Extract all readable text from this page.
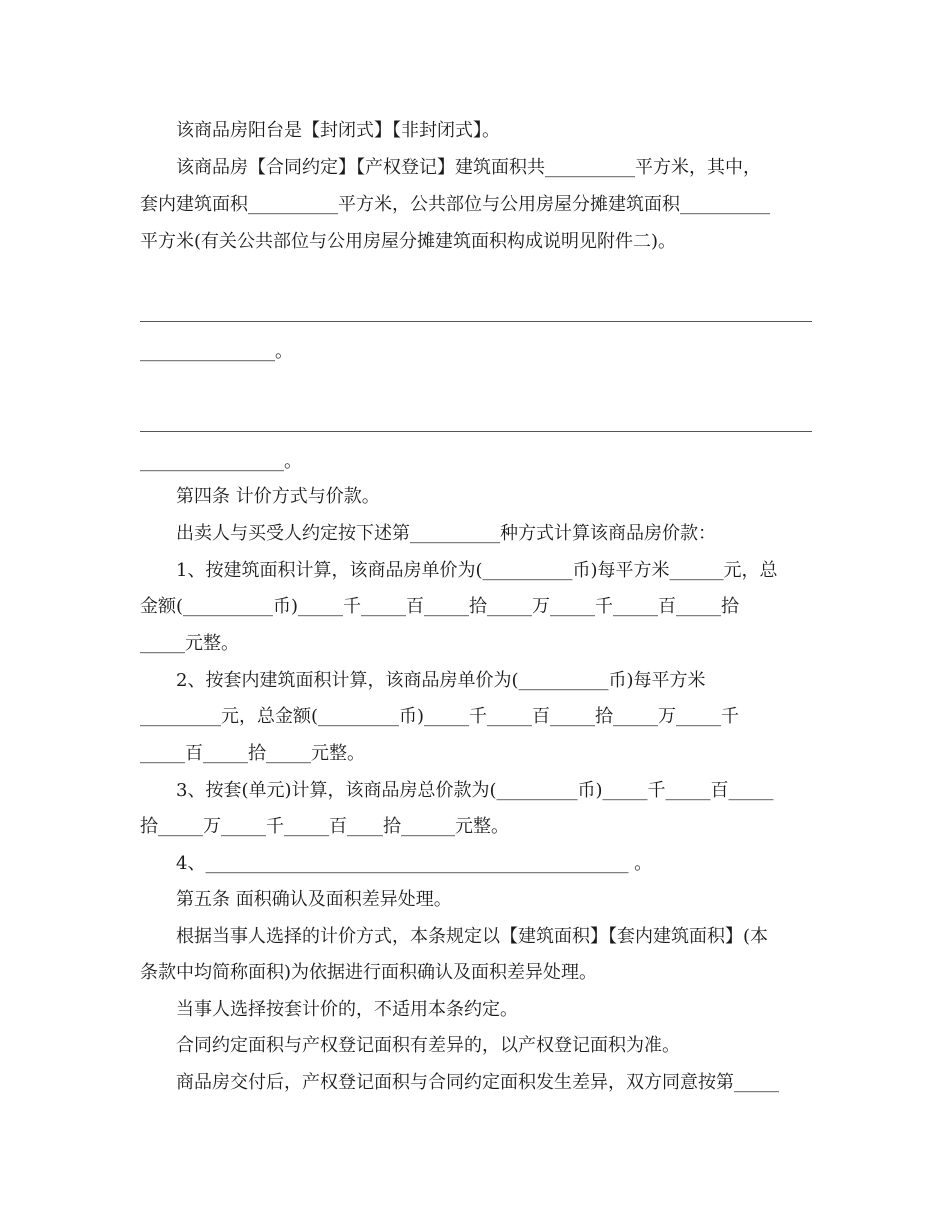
该商品房阳台是【封闭式】【非封闭式】。
该商品房【合同约定】【产权登记】建筑面积共__________平方米，其中，
套内建筑面积__________平方米，公共部位与公用房屋分摊建筑面积__________
平方米(有关公共部位与公用房屋分摊建筑面积构成说明见附件二)。
_______________。
________________。
第四条 计价方式与价款。
出卖人与买受人约定按下述第__________种方式计算该商品房价款：
1、按建筑面积计算，该商品房单价为(__________币)每平方米______元，总
金额(__________币)_____千_____百_____拾_____万_____千_____百_____拾
_____元整。
2、按套内建筑面积计算，该商品房单价为(__________币)每平方米
_________元，总金额(_________币)_____千_____百_____拾_____万_____千
_____百_____拾_____元整。
3、按套(单元)计算，该商品房总价款为(_________币)_____千_____百_____
拾_____万_____千_____百____拾______元整。
4、_______________________________________________ 。
第五条 面积确认及面积差异处理。
根据当事人选择的计价方式，本条规定以【建筑面积】【套内建筑面积】(本
条款中均简称面积)为依据进行面积确认及面积差异处理。
当事人选择按套计价的，不适用本条约定。
合同约定面积与产权登记面积有差异的，以产权登记面积为准。
商品房交付后，产权登记面积与合同约定面积发生差异，双方同意按第_____
